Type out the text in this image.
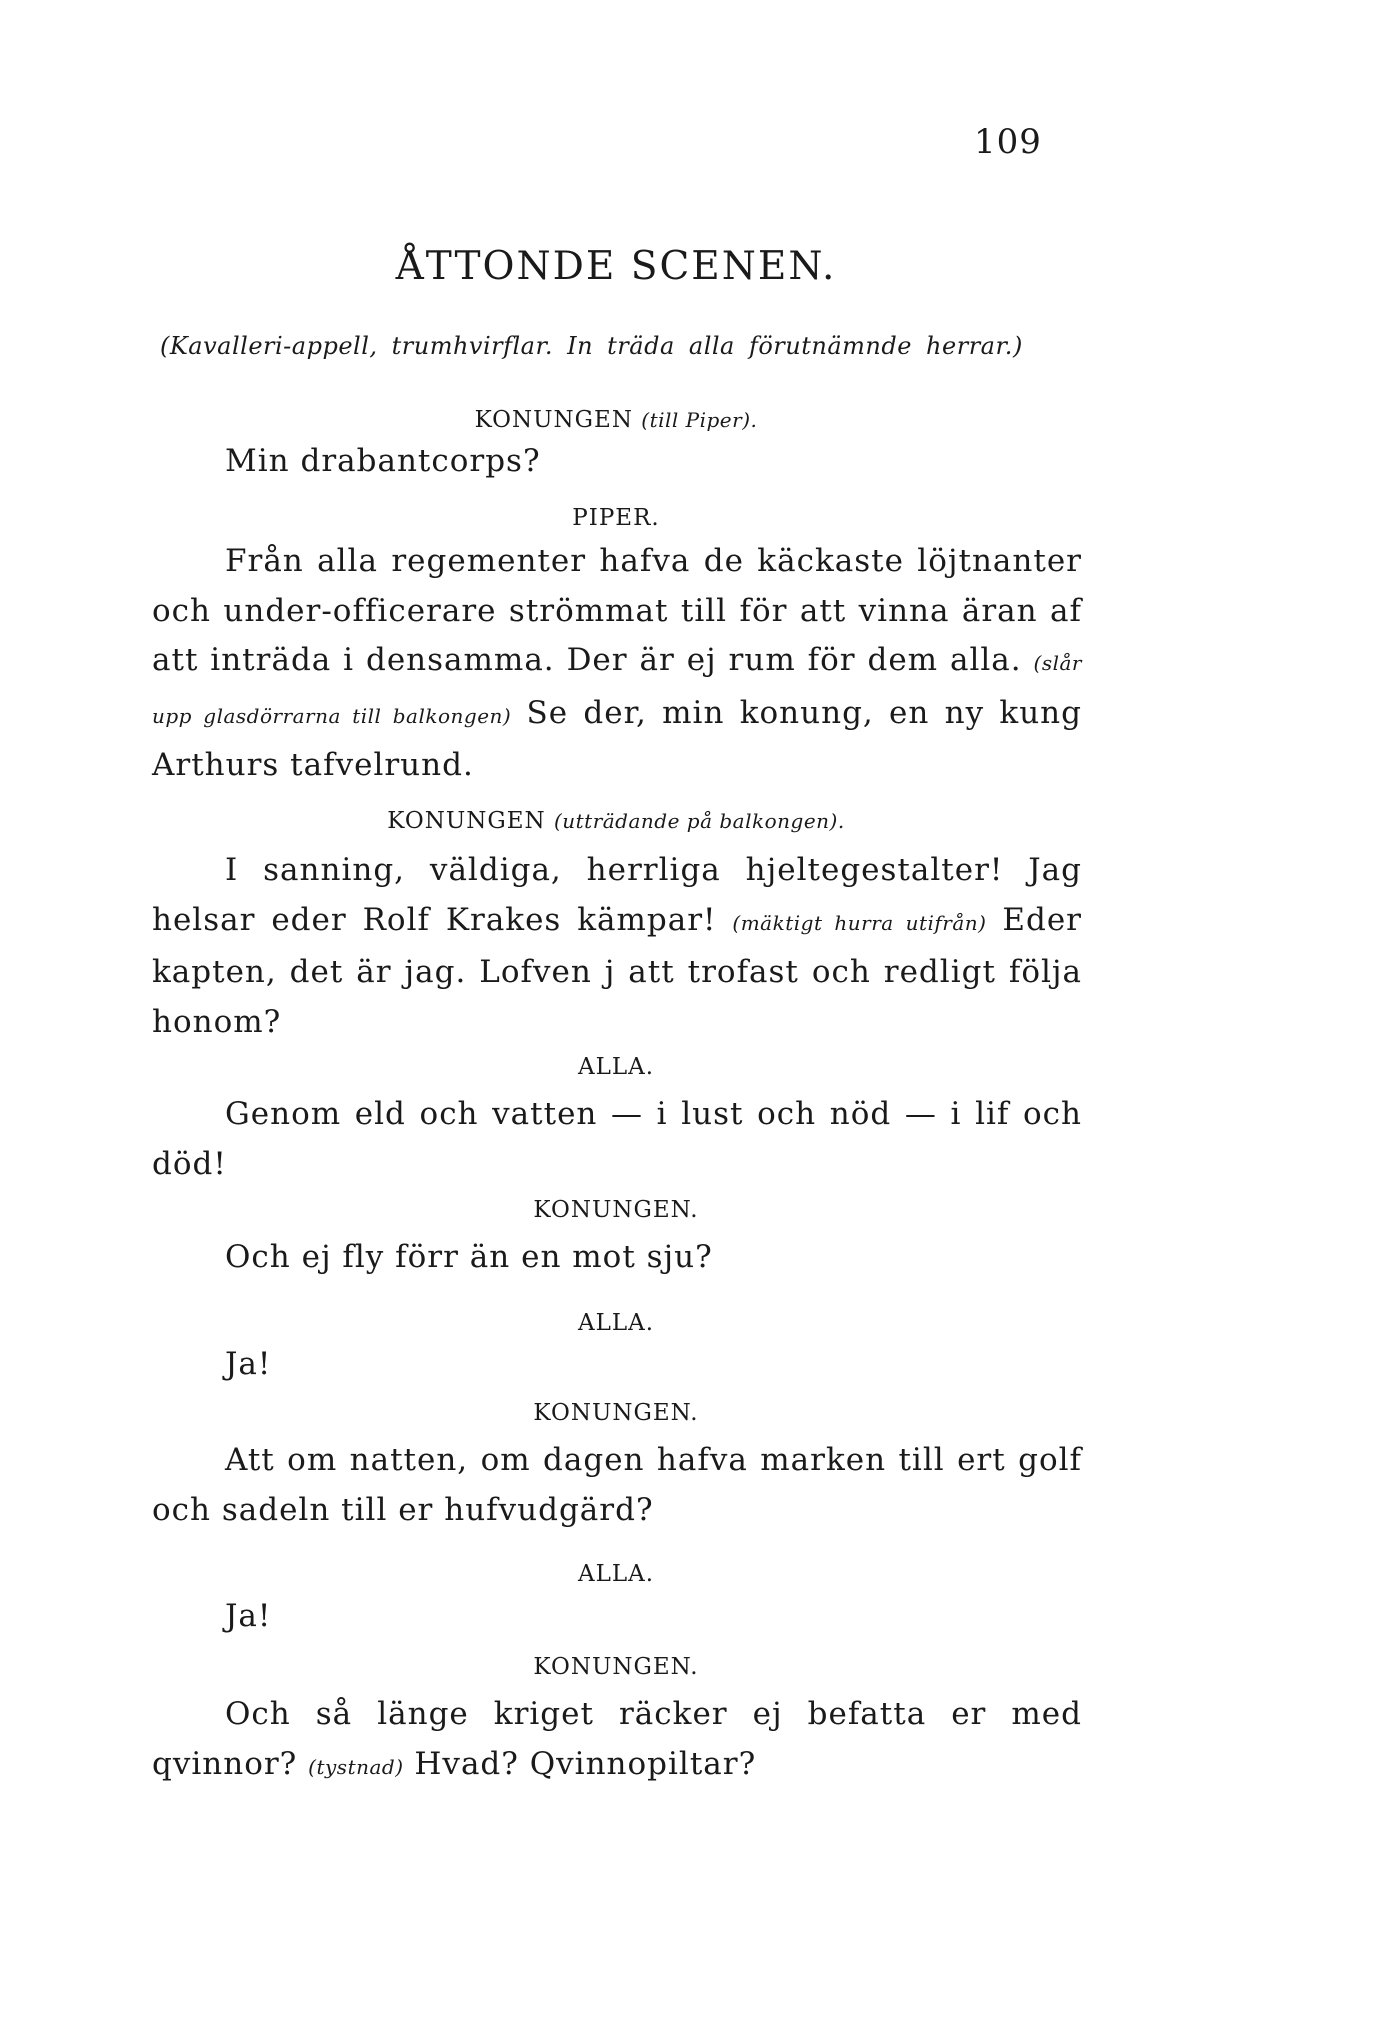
109
ÅTTONDE SCENEN.
(Kavalleri-appell, trumhvirflar. In träda alla förutnämnde herrar.)
KONUNGEN (till Piper).
Min drabantcorps?
PIPER.
Från alla regementer hafva de käckaste löjtnanter och under-officerare strömmat till för att vinna äran af att inträda i densamma. Der är ej rum för dem alla. (slår upp glasdörrarna till balkongen) Se der, min konung, en ny kung Arthurs tafvelrund.
KONUNGEN (utträdande på balkongen).
I sanning, väldiga, herrliga hjeltegestalter! Jag helsar eder Rolf Krakes kämpar! (mäktigt hurra utifrån) Eder kapten, det är jag. Lofven j att trofast och redligt följa honom?
ALLA.
Genom eld och vatten — i lust och nöd — i lif och död!
KONUNGEN.
Och ej fly förr än en mot sju?
ALLA.
Ja!
KONUNGEN.
Att om natten, om dagen hafva marken till ert golf och sadeln till er hufvudgärd?
ALLA.
Ja!
KONUNGEN.
Och så länge kriget räcker ej befatta er med qvinnor? (tystnad) Hvad? Qvinnopiltar?
